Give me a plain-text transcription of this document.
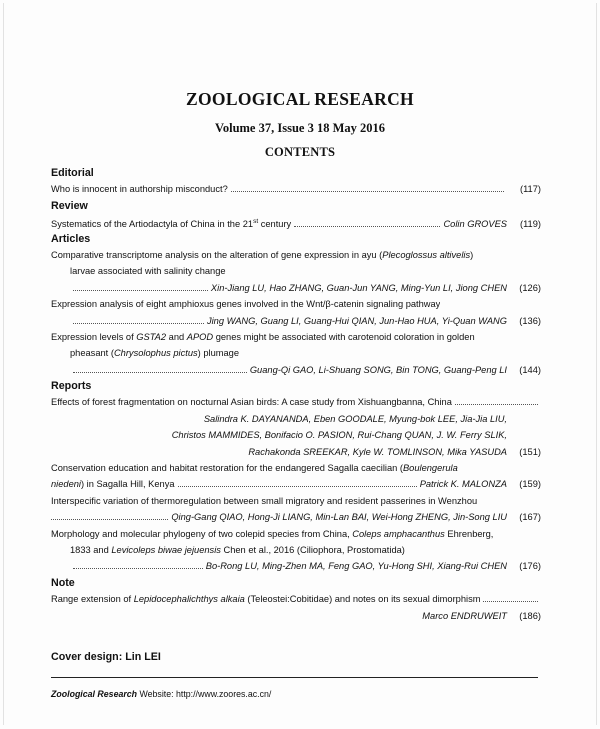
ZOOLOGICAL RESEARCH
Volume 37, Issue 3 18 May 2016
CONTENTS
Editorial
Who is innocent in authorship misconduct?	(117)
Review
Systematics of the Artiodactyla of China in the 21st century	Colin GROVES	(119)
Articles
Comparative transcriptome analysis on the alteration of gene expression in ayu (Plecoglossus altivelis)
larvae associated with salinity change
Xin-Jiang LU, Hao ZHANG, Guan-Jun YANG, Ming-Yun LI, Jiong CHEN	(126)
Expression analysis of eight amphioxus genes involved in the Wnt/β-catenin signaling pathway
Jing WANG, Guang LI, Guang-Hui QIAN, Jun-Hao HUA, Yi-Quan WANG	(136)
Expression levels of GSTA2 and APOD genes might be associated with carotenoid coloration in golden
pheasant (Chrysolophus pictus) plumage
Guang-Qi GAO, Li-Shuang SONG, Bin TONG, Guang-Peng LI	(144)
Reports
Effects of forest fragmentation on nocturnal Asian birds: A case study from Xishuangbanna, China
Salindra K. DAYANANDA, Eben GOODALE, Myung-bok LEE, Jia-Jia LIU,
Christos MAMMIDES, Bonifacio O. PASION, Rui-Chang QUAN, J. W. Ferry SLIK,
Rachakonda SREEKAR, Kyle W. TOMLINSON, Mika YASUDA	(151)
Conservation education and habitat restoration for the endangered Sagalla caecilian (Boulengerula
niedeni) in Sagalla Hill, Kenya	Patrick K. MALONZA	(159)
Interspecific variation of thermoregulation between small migratory and resident passerines in Wenzhou
Qing-Gang QIAO, Hong-Ji LIANG, Min-Lan BAI, Wei-Hong ZHENG, Jin-Song LIU	(167)
Morphology and molecular phylogeny of two colepid species from China, Coleps amphacanthus Ehrenberg,
1833 and Levicoleps biwae jejuensis Chen et al., 2016 (Ciliophora, Prostomatida)
Bo-Rong LU, Ming-Zhen MA, Feng GAO, Yu-Hong SHI, Xiang-Rui CHEN	(176)
Note
Range extension of Lepidocephalichthys alkaia (Teleostei:Cobitidae) and notes on its sexual dimorphism
Marco ENDRUWEIT	(186)
Cover design: Lin LEI
Zoological Research Website: http://www.zoores.ac.cn/
